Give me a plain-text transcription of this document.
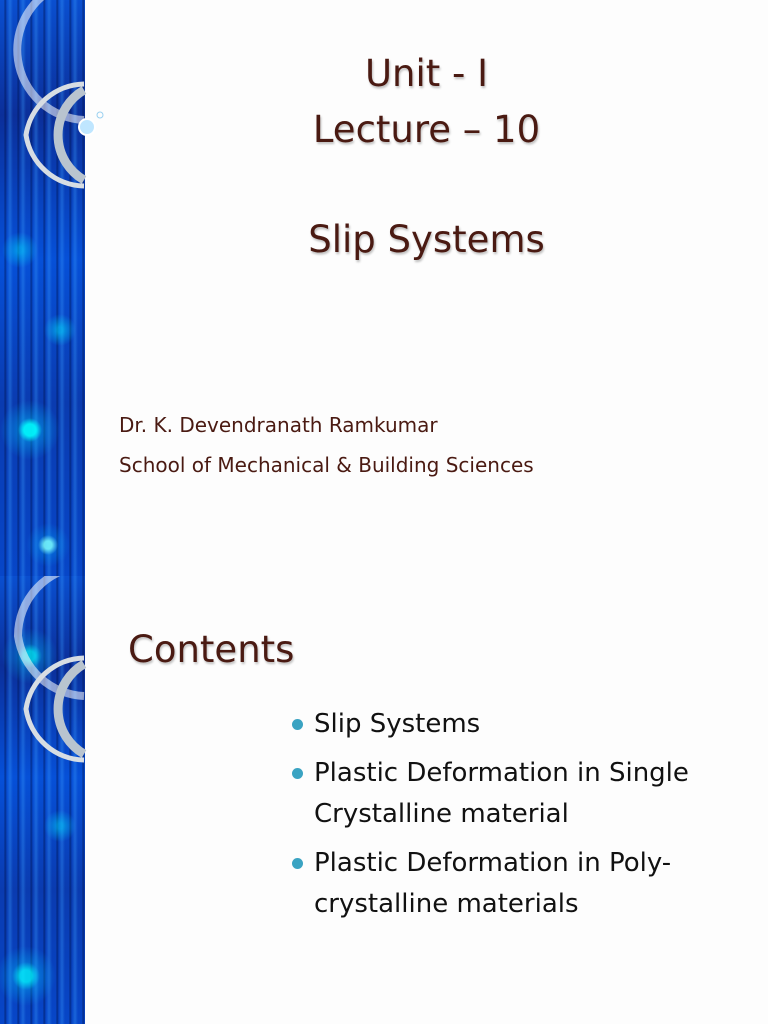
Unit - I
Lecture – 10
Slip Systems

Dr. K. Devendranath Ramkumar

School of Mechanical & Building Sciences

Contents
Slip Systems
Plastic Deformation in Single Crystalline material
Plastic Deformation in Poly-crystalline materials
